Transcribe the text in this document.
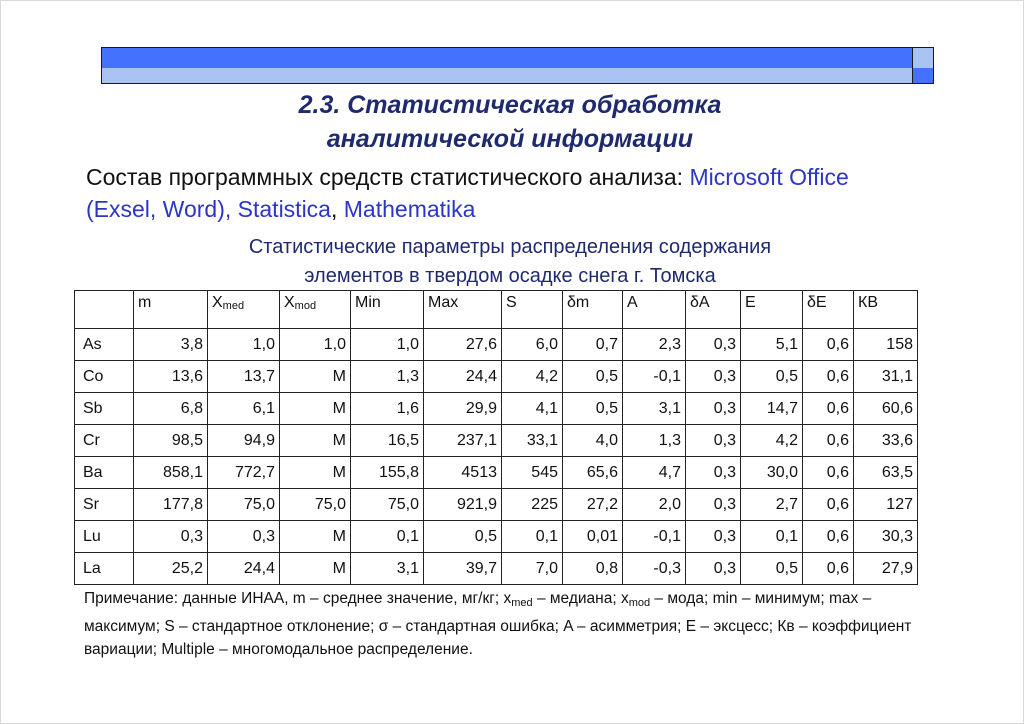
2.3. Статистическая обработка
аналитической информации
Состав программных средств статистического анализа: Microsoft Office (Exsel, Word), Statistica, Mathematika
Статистические параметры распределения содержания
элементов в твердом осадке снега г. Томска
	m	Xmed	Xmod	Min	Max	S	δm	A	δA	E	δE	КВ
As	3,8	1,0	1,0	1,0	27,6	6,0	0,7	2,3	0,3	5,1	0,6	158
Co	13,6	13,7	M	1,3	24,4	4,2	0,5	-0,1	0,3	0,5	0,6	31,1
Sb	6,8	6,1	M	1,6	29,9	4,1	0,5	3,1	0,3	14,7	0,6	60,6
Cr	98,5	94,9	M	16,5	237,1	33,1	4,0	1,3	0,3	4,2	0,6	33,6
Ba	858,1	772,7	M	155,8	4513	545	65,6	4,7	0,3	30,0	0,6	63,5
Sr	177,8	75,0	75,0	75,0	921,9	225	27,2	2,0	0,3	2,7	0,6	127
Lu	0,3	0,3	M	0,1	0,5	0,1	0,01	-0,1	0,3	0,1	0,6	30,3
La	25,2	24,4	M	3,1	39,7	7,0	0,8	-0,3	0,3	0,5	0,6	27,9
Примечание: данные ИНАА, m – среднее значение, мг/кг; xmed – медиана; xmod – мода; min – минимум; max – максимум; S – стандартное отклонение; σ – стандартная ошибка; A – асимметрия; E – эксцесс; Кв – коэффициент вариации; Multiple – многомодальное распределение.
